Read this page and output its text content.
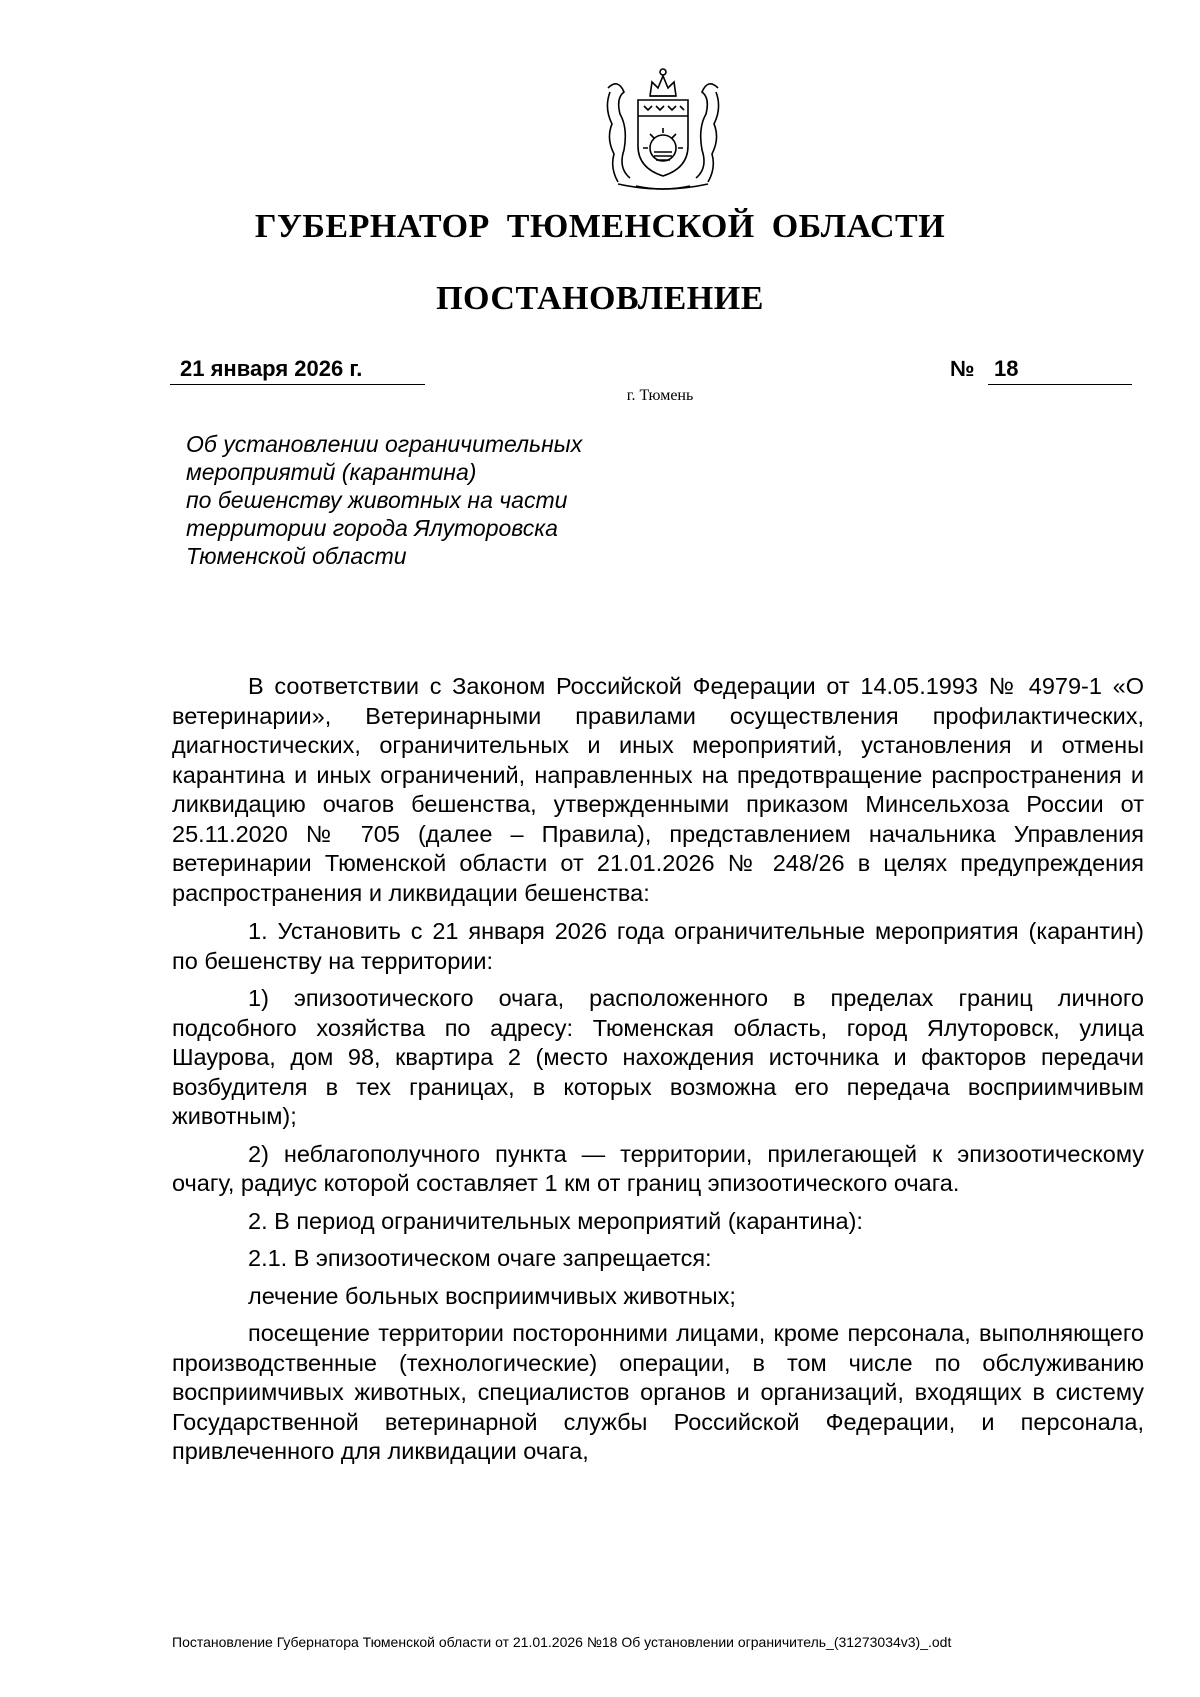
ГУБЕРНАТОР ТЮМЕНСКОЙ ОБЛАСТИ
ПОСТАНОВЛЕНИЕ
21 января 2026 г.	№ 18
г. Тюмень
Об установлении ограничительных
мероприятий (карантина)
по бешенству животных на части
территории города Ялуторовска
Тюменской области

В соответствии с Законом Российской Федерации от 14.05.1993 № 4979-1 «О ветеринарии», Ветеринарными правилами осуществления профилактических, диагностических, ограничительных и иных мероприятий, установления и отмены карантина и иных ограничений, направленных на предотвращение распространения и ликвидацию очагов бешенства, утвержденными приказом Минсельхоза России от 25.11.2020 № 705 (далее – Правила), представлением начальника Управления ветеринарии Тюменской области от 21.01.2026 № 248/26 в целях предупреждения распространения и ликвидации бешенства:

1. Установить с 21 января 2026 года ограничительные мероприятия (карантин) по бешенству на территории:

1) эпизоотического очага, расположенного в пределах границ личного подсобного хозяйства по адресу: Тюменская область, город Ялуторовск, улица Шаурова, дом 98, квартира 2 (место нахождения источника и факторов передачи возбудителя в тех границах, в которых возможна его передача восприимчивым животным);

2) неблагополучного пункта — территории, прилегающей к эпизоотическому очагу, радиус которой составляет 1 км от границ эпизоотического очага.

2. В период ограничительных мероприятий (карантина):

2.1. В эпизоотическом очаге запрещается:

лечение больных восприимчивых животных;

посещение территории посторонними лицами, кроме персонала, выполняющего производственные (технологические) операции, в том числе по обслуживанию восприимчивых животных, специалистов органов и организаций, входящих в систему Государственной ветеринарной службы Российской Федерации, и персонала, привлеченного для ликвидации очага,

Постановление Губернатора Тюменской области от 21.01.2026 №18 Об установлении ограничитель_(31273034v3)_.odt
